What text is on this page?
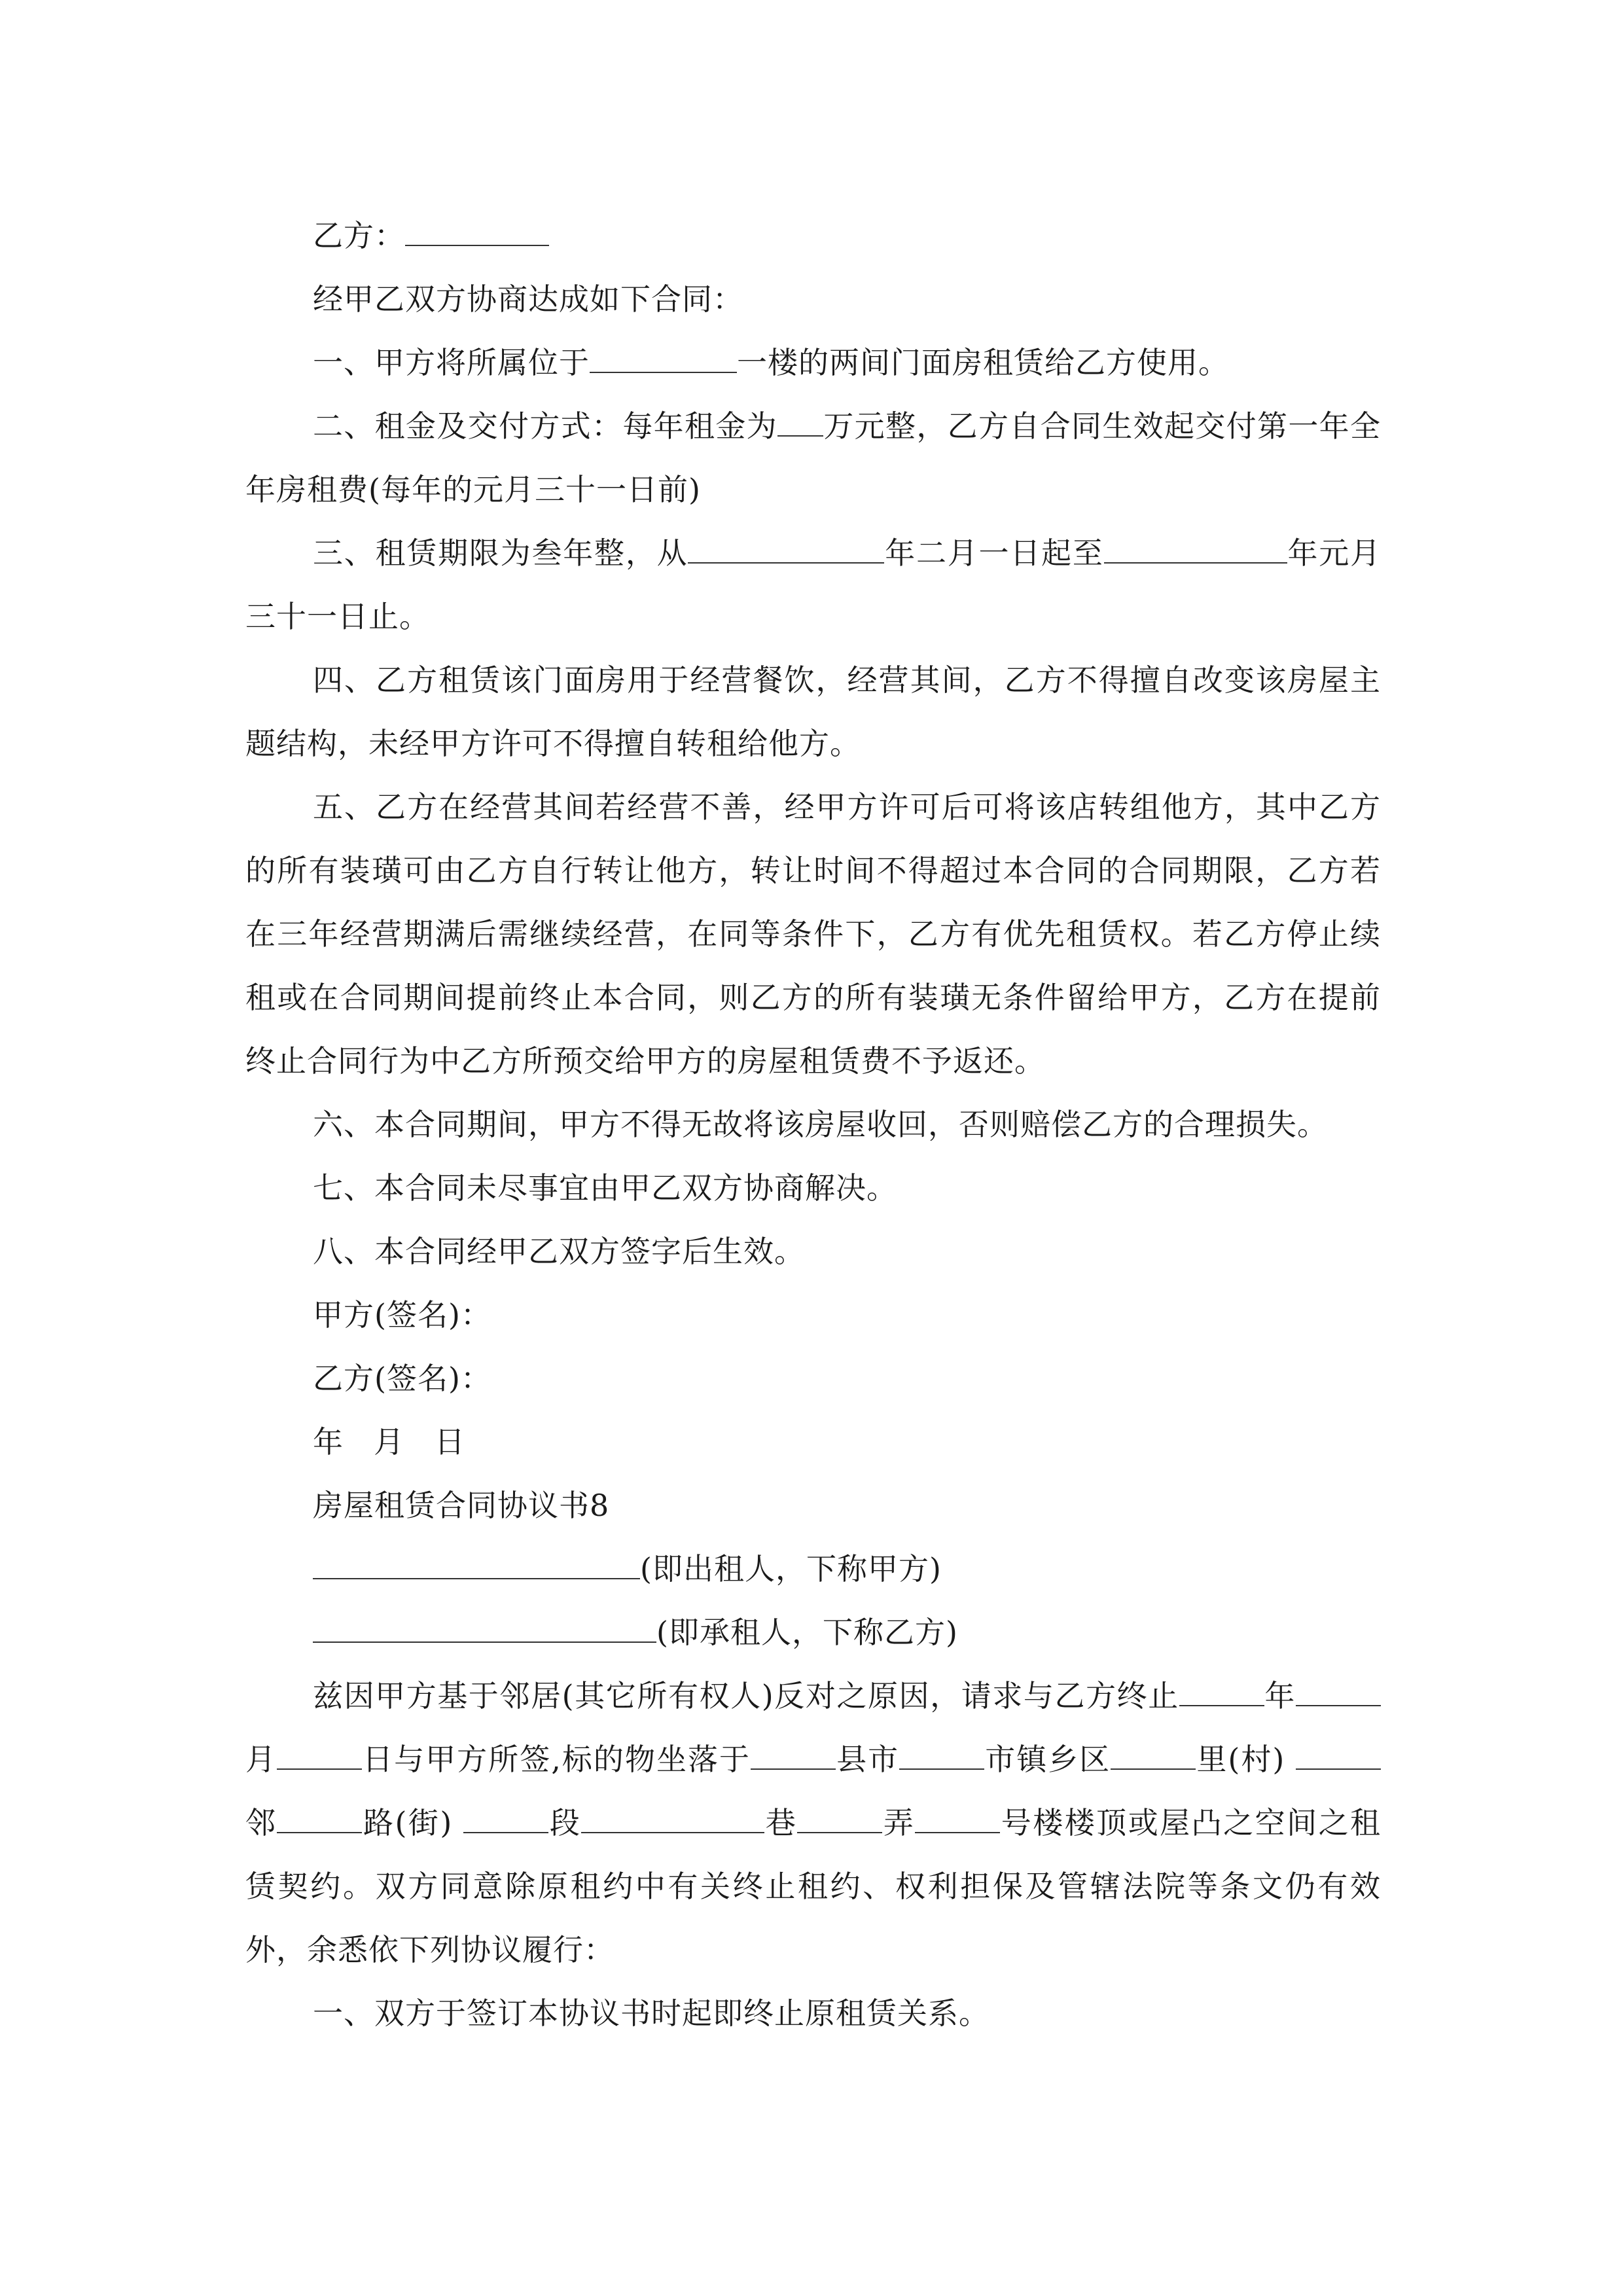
乙方：

经甲乙双方协商达成如下合同：

一、甲方将所属位于	一楼的两间门面房租赁给乙方使用。

二、租金及交付方式：每年租金为 万元整，乙方自合同生效起交付第一年全年房租费(每年的元月三十一日前)

三、租赁期限为叁年整，从	年二月一日起至	年元月三十一日止。

四、乙方租赁该门面房用于经营餐饮，经营其间，乙方不得擅自改变该房屋主题结构，未经甲方许可不得擅自转租给他方。

五、乙方在经营其间若经营不善，经甲方许可后可将该店转组他方，其中乙方的所有装璜可由乙方自行转让他方，转让时间不得超过本合同的合同期限，乙方若在三年经营期满后需继续经营，在同等条件下，乙方有优先租赁权。若乙方停止续租或在合同期间提前终止本合同，则乙方的所有装璜无条件留给甲方，乙方在提前终止合同行为中乙方所预交给甲方的房屋租赁费不予返还。

六、本合同期间，甲方不得无故将该房屋收回，否则赔偿乙方的合理损失。

七、本合同未尽事宜由甲乙双方协商解决。

八、本合同经甲乙双方签字后生效。

甲方(签名)：

乙方(签名)：

年 月 日

房屋租赁合同协议书8

(即出租人，下称甲方)

(即承租人，下称乙方)

兹因甲方基于邻居(其它所有权人)反对之原因，请求与乙方终止	年月	日与甲方所签,标的物坐落于	县市	市镇乡区	里(村) 邻	路(街)	段	巷	弄	号楼楼顶或屋凸之空间之租赁契约。双方同意除原租约中有关终止租约、权利担保及管辖法院等条文仍有效外，余悉依下列协议履行：

一、双方于签订本协议书时起即终止原租赁关系。
